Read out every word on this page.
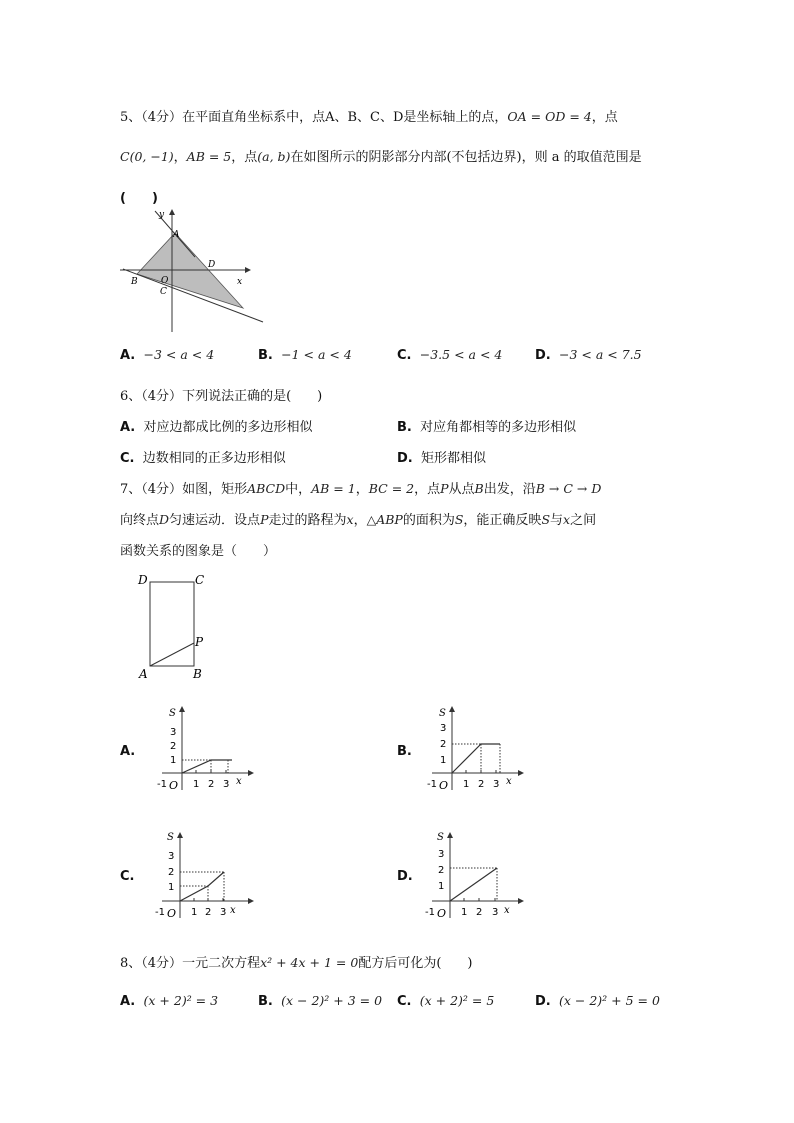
5、（4分）在平面直角坐标系中，点A、B、C、D是坐标轴上的点，OA = OD = 4，点
C(0, −1)，AB = 5，点(a, b)在如图所示的阴影部分内部(不包括边界)，则 a 的取值范围是
(　　)
y
x
A
D
B	O
C
A. −3 < a < 4	B. −1 < a < 4	C. −3.5 < a < 4	D. −3 < a < 7.5
6、（4分）下列说法正确的是(　　)
A. 对应边都成比例的多边形相似	B. 对应角都相等的多边形相似
C. 边数相同的正多边形相似	D. 矩形都相似
7、（4分）如图，矩形ABCD中，AB = 1，BC = 2，点P从点B出发，沿B → C → D
向终点D匀速运动．设点P走过的路程为x，△ABP的面积为S，能正确反映S与x之间
函数关系的图象是（　　）
D	C
P
A	B
A.	B.
C.	D.
S
3
2
1
-1 O 1 2 3 x
S
3
2
1
-1 O 1 2 3 x
S
3
2
1
-1 O 1 2 3 x
S
3
2
1
-1 O 1 2 3 x
8、（4分）一元二次方程x² + 4x + 1 = 0配方后可化为(　　)
A. (x + 2)² = 3	B. (x − 2)² + 3 = 0 C. (x + 2)² = 5	D. (x − 2)² + 5 = 0
